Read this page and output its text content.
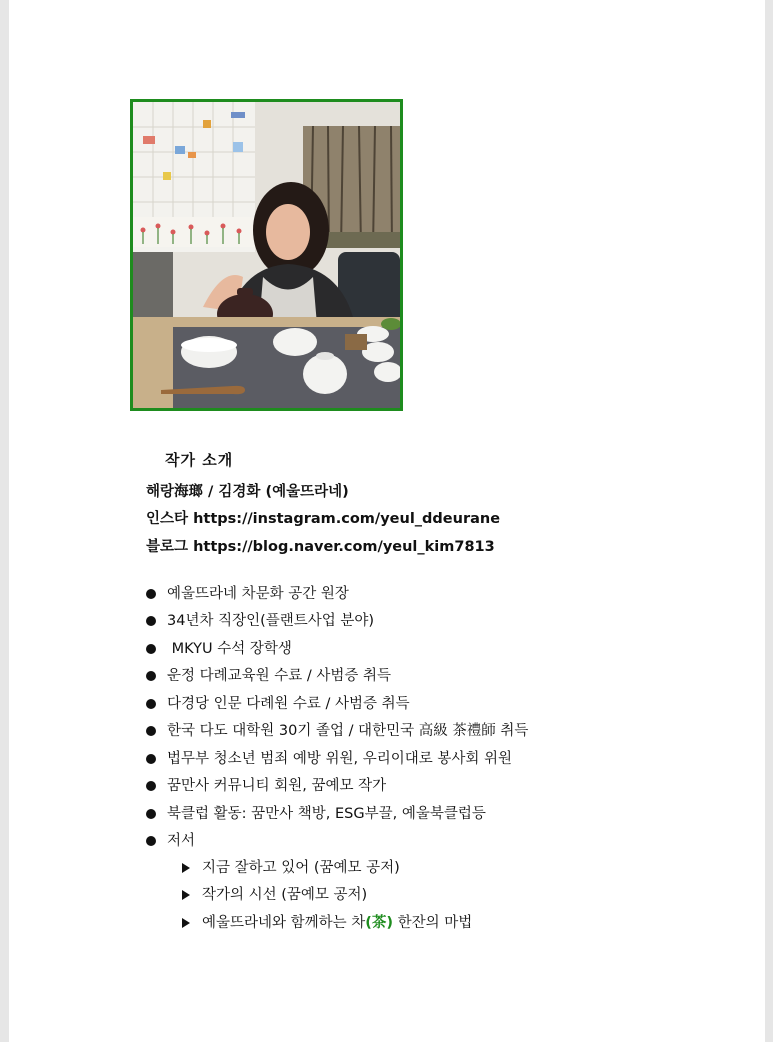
작가 소개
해랑海瑯 / 김경화 (예울뜨라네)
인스타 https://instagram.com/yeul_ddeurane
블로그 https://blog.naver.com/yeul_kim7813
예울뜨라네 차문화 공간 원장
34년차 직장인(플랜트사업 분야)
MKYU 수석 장학생
운정 다례교육원 수료 / 사범증 취득
다경당 인문 다례원 수료 / 사범증 취득
한국 다도 대학원 30기 졸업 / 대한민국 高級 茶禮師 취득
법무부 청소년 범죄 예방 위원, 우리이대로 봉사회 위원
꿈만사 커뮤니티 회원, 꿈예모 작가
북클럽 활동: 꿈만사 책방, ESG부끌, 예울북클럽등
저서
지금 잘하고 있어 (꿈예모 공저)
작가의 시선 (꿈예모 공저)
예울뜨라네와 함께하는 차 (茶) 한잔의 마법
